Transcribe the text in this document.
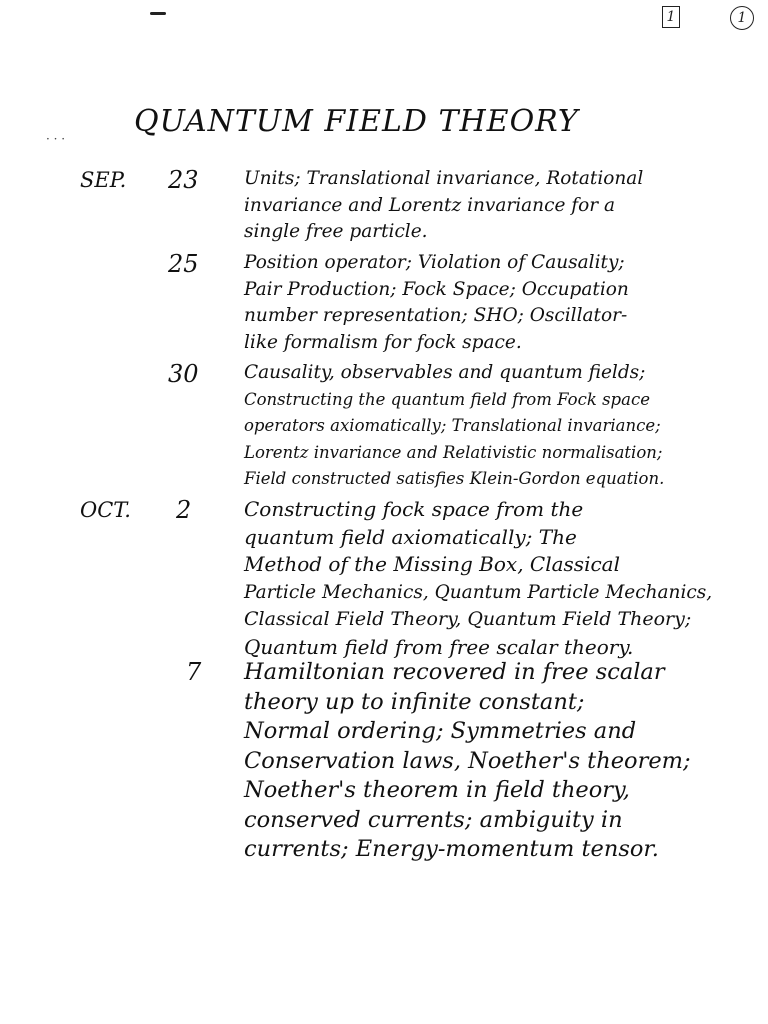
1	1
· · · QUANTUM FIELD THEORY
SEP. 23 Units; Translational invariance, Rotational
invariance and Lorentz invariance for a
single free particle.
25 Position operator; Violation of Causality;
Pair Production; Fock Space; Occupation
number representation; SHO; Oscillator-
like formalism for fock space.
30 Causality, observables and quantum fields;
Constructing the quantum field from Fock space
operators axiomatically; Translational invariance;
Lorentz invariance and Relativistic normalisation;
Field constructed satisfies Klein-Gordon equation.
OCT. 2	Constructing fock space from the
quantum field axiomatically; The
Method of the Missing Box, Classical
Particle Mechanics, Quantum Particle Mechanics,
Classical Field Theory, Quantum Field Theory;
Quantum field from free scalar theory.
7 Hamiltonian recovered in free scalar
theory up to infinite constant;
Normal ordering; Symmetries and
Conservation laws, Noether's theorem;
Noether's theorem in field theory,
conserved currents; ambiguity in
currents; Energy-momentum tensor.
